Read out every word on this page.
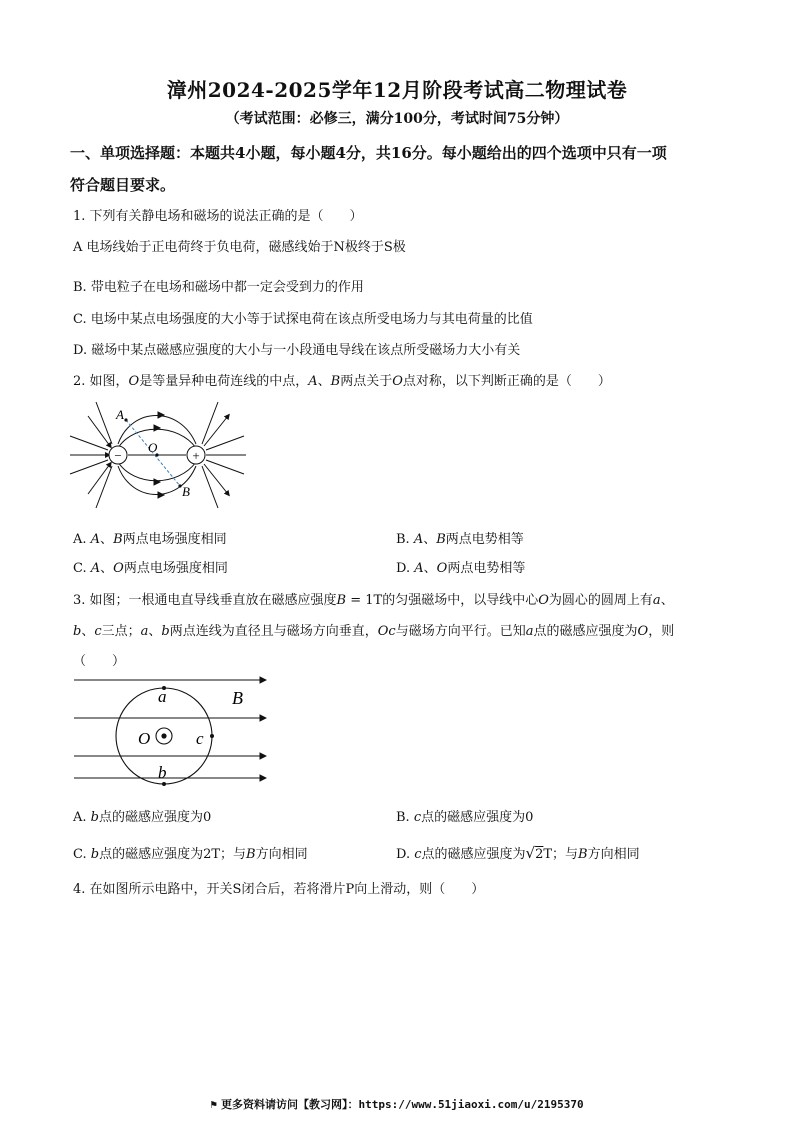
漳州2024-2025学年12月阶段考试高二物理试卷
（考试范围：必修三，满分100分，考试时间75分钟）
一、单项选择题：本题共4小题，每小题4分，共16分。每小题给出的四个选项中只有一项
符合题目要求。
1. 下列有关静电场和磁场的说法正确的是（　　）
A 电场线始于正电荷终于负电荷，磁感线始于N极终于S极
B. 带电粒子在电场和磁场中都一定会受到力的作用
C. 电场中某点电场强度的大小等于试探电荷在该点所受电场力与其电荷量的比值
D. 磁场中某点磁感应强度的大小与一小段通电导线在该点所受磁场力大小有关
2. 如图，O是等量异种电荷连线的中点，A、B两点关于O点对称，以下判断正确的是（　　）
−	+
A
B
O
A. A、B两点电场强度相同	B. A、B两点电势相等
C. A、O两点电场强度相同	D. A、O两点电势相等
3. 如图；一根通电直导线垂直放在磁感应强度B = 1T的匀强磁场中，以导线中心O为圆心的圆周上有a、
b、c三点；a、b两点连线为直径且与磁场方向垂直，Oc与磁场方向平行。已知a点的磁感应强度为O，则
（　　）
a
b
c
O
B
A. b点的磁感应强度为0	B. c点的磁感应强度为0
C. b点的磁感应强度为2T；与B方向相同	D. c点的磁感应强度为√2T；与B方向相同
4. 在如图所示电路中，开关S闭合后，若将滑片P向上滑动，则（　　）
⚑ 更多资料请访问【教习网】：https://www.51jiaoxi.com/u/2195370
